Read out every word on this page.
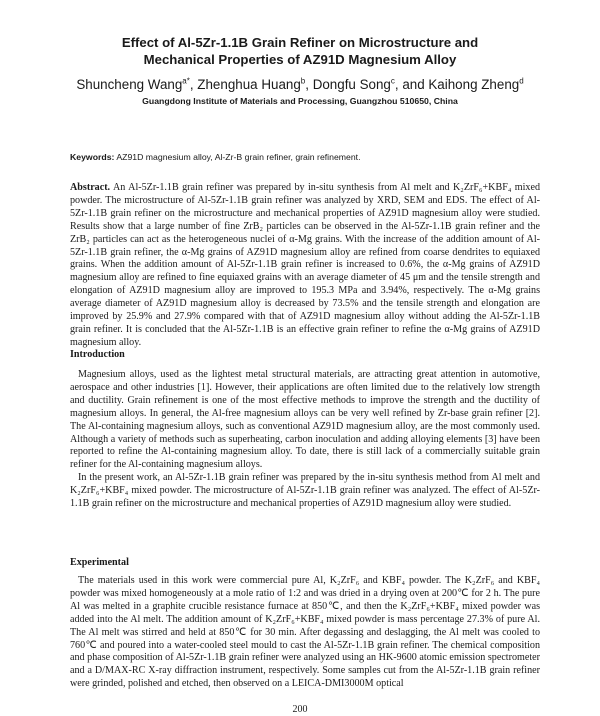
Effect of Al-5Zr-1.1B Grain Refiner on Microstructure and
Mechanical Properties of AZ91D Magnesium Alloy

Shuncheng Wang$^{a*}$, Zhenghua Huang$^b$, Dongfu Song$^c$, and Kaihong Zheng$^d$

Guangdong Institute of Materials and Processing, Guangzhou 510650, China

Keywords: AZ91D magnesium alloy, Al-Zr-B grain refiner, grain refinement.

Abstract. An Al-5Zr-1.1B grain refiner was prepared by in-situ synthesis from Al melt and K₂ZrF₆+KBF₄ mixed powder. The microstructure of Al-5Zr-1.1B grain refiner was analyzed by XRD, SEM and EDS. The effect of Al-5Zr-1.1B grain refiner on the microstructure and mechanical properties of AZ91D magnesium alloy were studied. Results show that a large number of fine ZrB₂ particles can be observed in the Al-5Zr-1.1B grain refiner and the ZrB₂ particles can act as the heterogeneous nuclei of α-Mg grains. With the increase of the addition amount of Al-5Zr-1.1B grain refiner, the α-Mg grains of AZ91D magnesium alloy are refined from coarse dendrites to equiaxed grains. When the addition amount of Al-5Zr-1.1B grain refiner is increased to 0.6%, the α-Mg grains of AZ91D magnesium alloy are refined to fine equiaxed grains with an average diameter of 45 μm and the tensile strength and elongation of AZ91D magnesium alloy are improved to 195.3 MPa and 3.94%, respectively. The α-Mg grains average diameter of AZ91D magnesium alloy is decreased by 73.5% and the tensile strength and elongation are improved by 25.9% and 27.9% compared with that of AZ91D magnesium alloy without adding the Al-5Zr-1.1B grain refiner. It is concluded that the Al-5Zr-1.1B is an effective grain refiner to refine the α-Mg grains of AZ91D magnesium alloy.

Introduction

Magnesium alloys, used as the lightest metal structural materials, are attracting great attention in automotive, aerospace and other industries [1]. However, their applications are often limited due to the relatively low strength and ductility. Grain refinement is one of the most effective methods to improve the strength and the ductility of magnesium alloys. In general, the Al-free magnesium alloys can be very well refined by Zr-base grain refiner [2]. The Al-containing magnesium alloys, such as conventional AZ91D magnesium alloy, are the most commonly used. Although a variety of methods such as superheating, carbon inoculation and adding alloying elements [3] have been reported to refine the Al-containing magnesium alloy. To date, there is still lack of a commercially suitable grain refiner for the Al-containing magnesium alloys.

In the present work, an Al-5Zr-1.1B grain refiner was prepared by the in-situ synthesis method from Al melt and K₂ZrF₆+KBF₄ mixed powder. The microstructure of Al-5Zr-1.1B grain refiner was analyzed. The effect of Al-5Zr-1.1B grain refiner on the microstructure and mechanical properties of AZ91D magnesium alloy were studied.

Experimental

The materials used in this work were commercial pure Al, K₂ZrF₆ and KBF₄ powder. The K₂ZrF₆ and KBF₄ powder was mixed homogeneously at a mole ratio of 1:2 and was dried in a drying oven at 200℃ for 2 h. The pure Al was melted in a graphite crucible resistance furnace at 850℃, and then the K₂ZrF₆+KBF₄ mixed powder was added into the Al melt. The addition amount of K₂ZrF₆+KBF₄ mixed powder is mass percentage 27.3% of pure Al. The Al melt was stirred and held at 850℃ for 30 min. After degassing and deslagging, the Al melt was cooled to 760℃ and poured into a water-cooled steel mould to cast the Al-5Zr-1.1B grain refiner. The chemical composition and phase composition of Al-5Zr-1.1B grain refiner were analyzed using an HK-9600 atomic emission spectrometer and a D/MAX-RC X-ray diffraction instrument, respectively. Some samples cut from the Al-5Zr-1.1B grain refiner were grinded, polished and etched, then observed on a LEICA-DMI3000M optical

200
